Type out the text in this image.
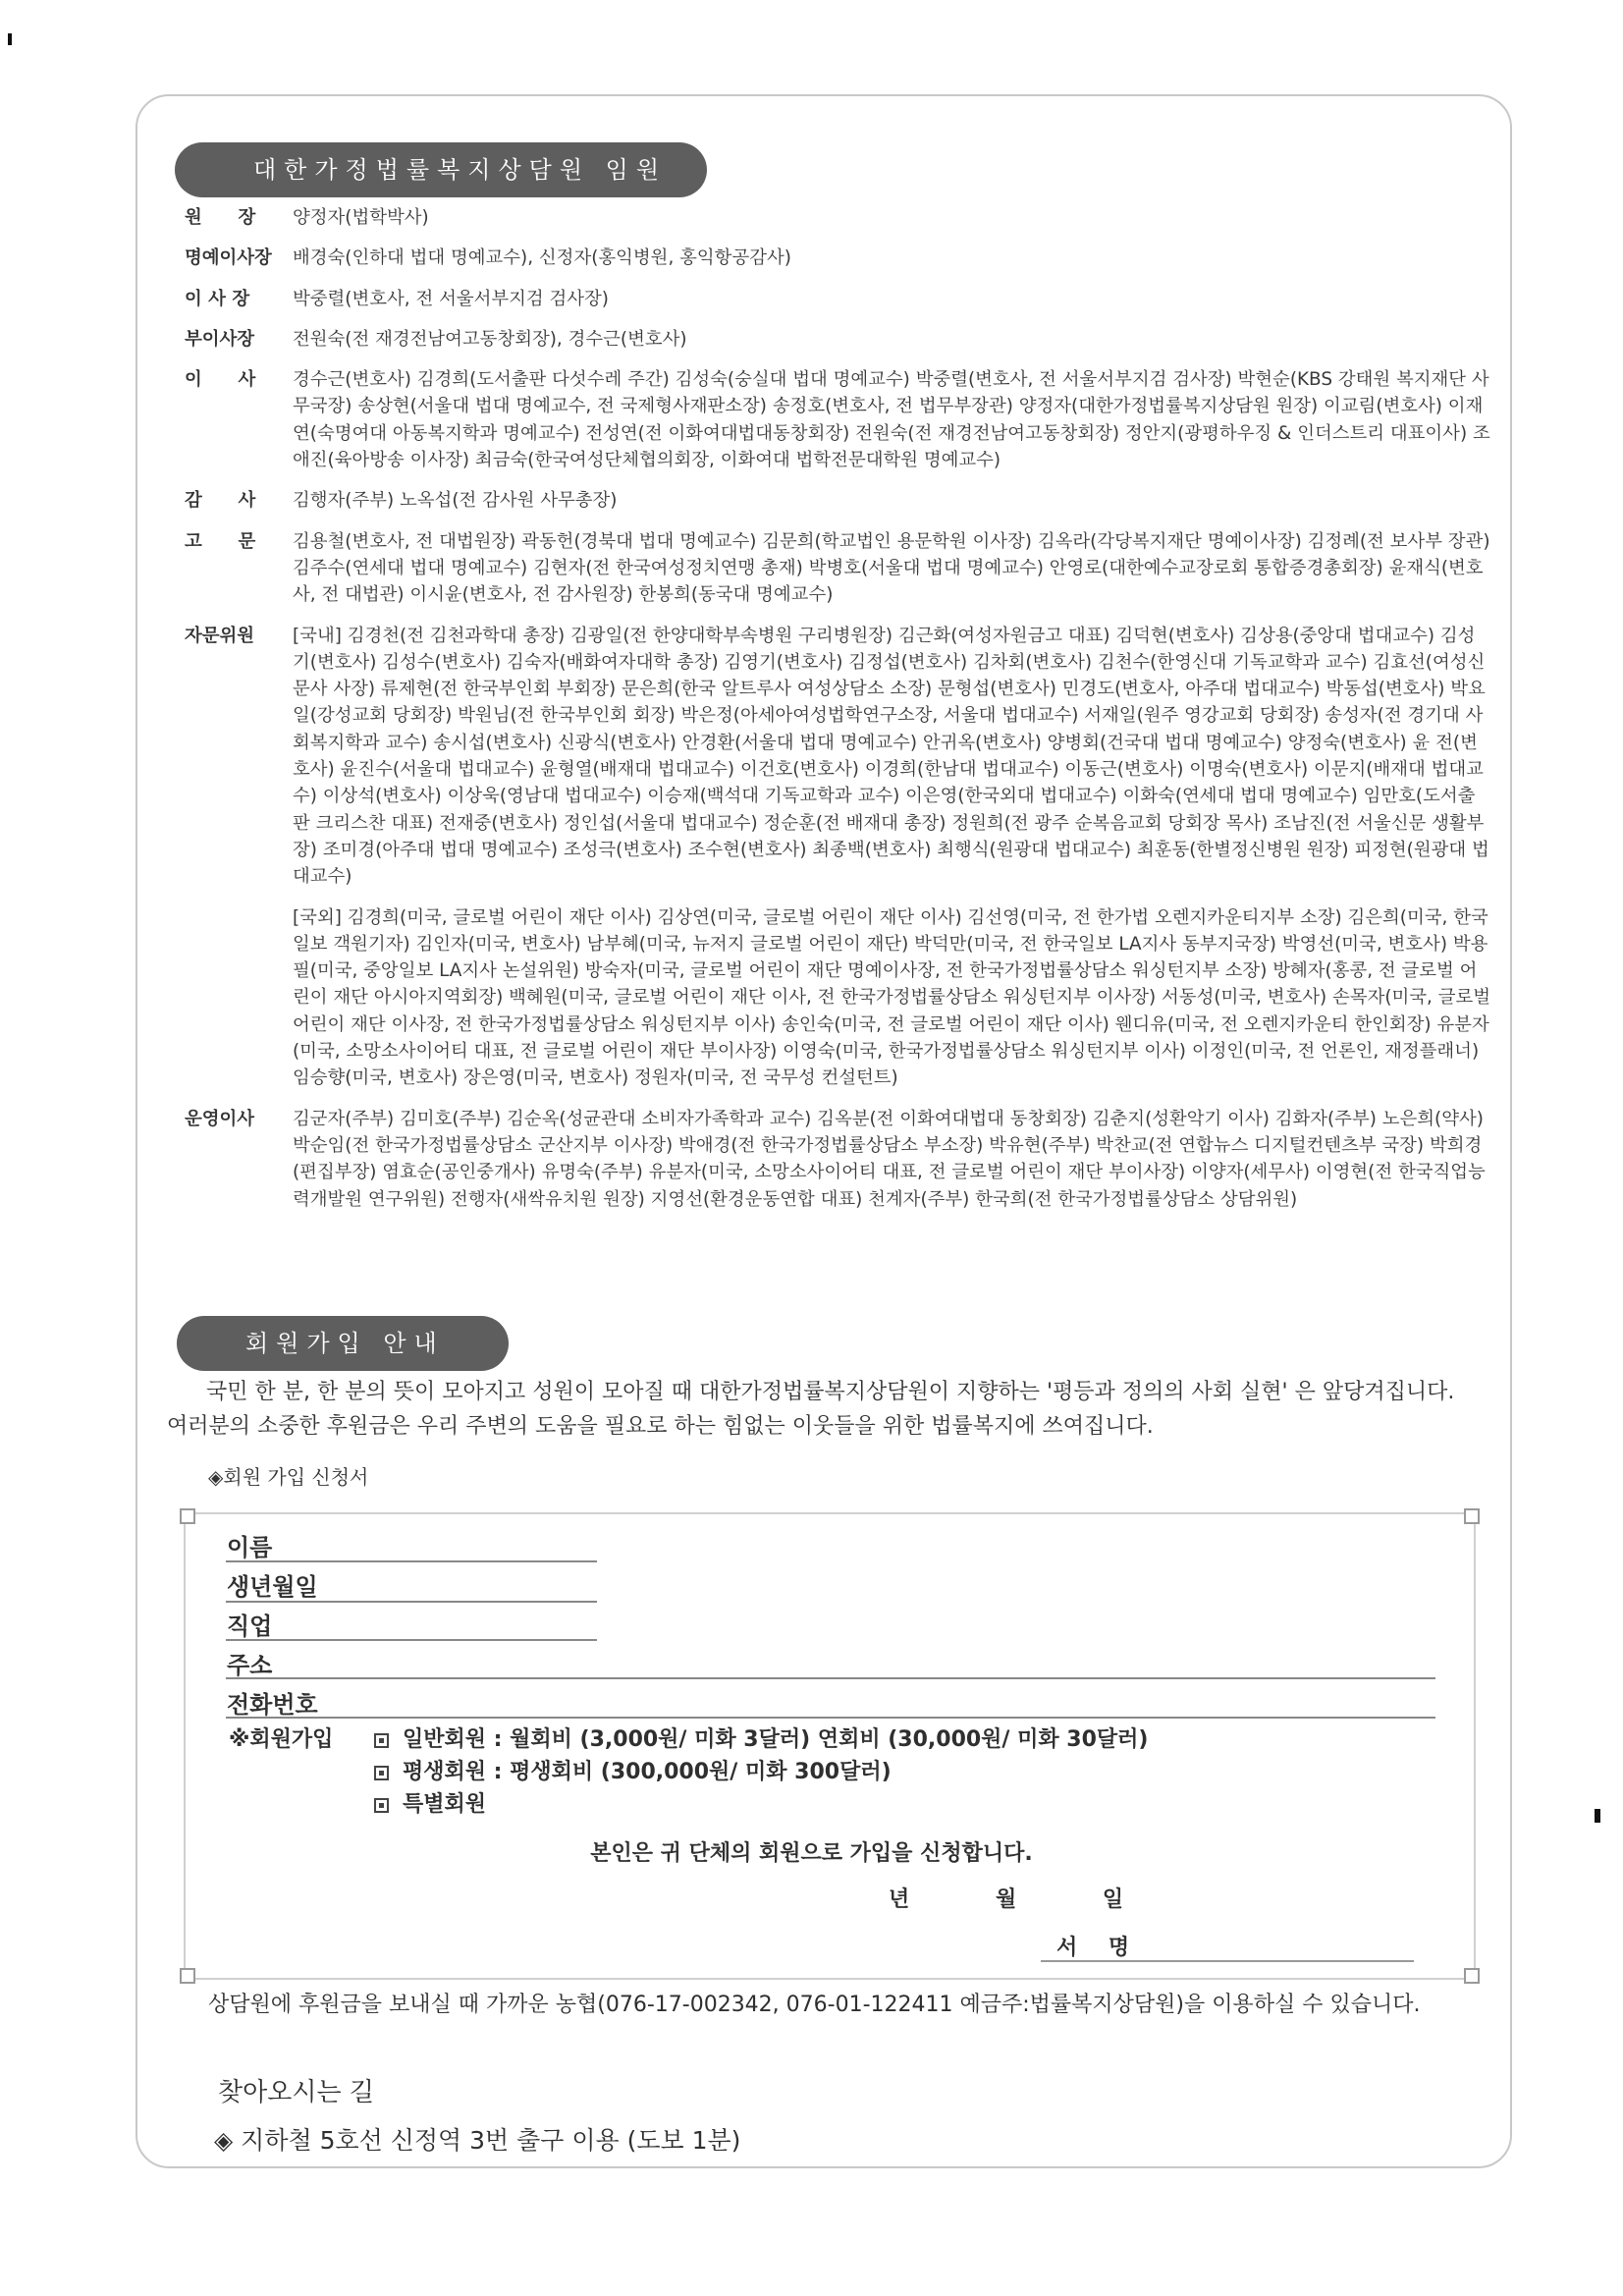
대한가정법률복지상담원 임원
원　　장	양정자(법학박사)
명예이사장	배경숙(인하대 법대 명예교수), 신정자(홍익병원, 홍익항공감사)
이 사 장	박중렬(변호사, 전 서울서부지검 검사장)
부이사장	전원숙(전 재경전남여고동창회장), 경수근(변호사)
이　　사	경수근(변호사) 김경희(도서출판 다섯수레 주간) 김성숙(숭실대 법대 명예교수) 박중렬(변호사, 전 서울서부지검 검사장) 박현순(KBS 강태원 복지재단 사무국장) 송상현(서울대 법대 명예교수, 전 국제형사재판소장) 송정호(변호사, 전 법무부장관) 양정자(대한가정법률복지상담원 원장) 이교림(변호사) 이재연(숙명여대 아동복지학과 명예교수) 전성연(전 이화여대법대동창회장) 전원숙(전 재경전남여고동창회장) 정안지(광평하우징 & 인더스트리 대표이사) 조애진(육아방송 이사장) 최금숙(한국여성단체협의회장, 이화여대 법학전문대학원 명예교수)
감　　사	김행자(주부) 노옥섭(전 감사원 사무총장)
고　　문	김용철(변호사, 전 대법원장) 곽동헌(경북대 법대 명예교수) 김문희(학교법인 용문학원 이사장) 김옥라(각당복지재단 명예이사장) 김정례(전 보사부 장관) 김주수(연세대 법대 명예교수) 김현자(전 한국여성정치연맹 총재) 박병호(서울대 법대 명예교수) 안영로(대한예수교장로회 통합증경총회장) 윤재식(변호사, 전 대법관) 이시윤(변호사, 전 감사원장) 한봉희(동국대 명예교수)
자문위원	[국내] 김경천(전 김천과학대 총장) 김광일(전 한양대학부속병원 구리병원장) 김근화(여성자원금고 대표) 김덕현(변호사) 김상용(중앙대 법대교수) 김성기(변호사) 김성수(변호사) 김숙자(배화여자대학 총장) 김영기(변호사) 김정섭(변호사) 김차회(변호사) 김천수(한영신대 기독교학과 교수) 김효선(여성신문사 사장) 류제현(전 한국부인회 부회장) 문은희(한국 알트루사 여성상담소 소장) 문형섭(변호사) 민경도(변호사, 아주대 법대교수) 박동섭(변호사) 박요일(강성교회 당회장) 박원님(전 한국부인회 회장) 박은정(아세아여성법학연구소장, 서울대 법대교수) 서재일(원주 영강교회 당회장) 송성자(전 경기대 사회복지학과 교수) 송시섭(변호사) 신광식(변호사) 안경환(서울대 법대 명예교수) 안귀옥(변호사) 양병회(건국대 법대 명예교수) 양정숙(변호사) 윤 전(변호사) 윤진수(서울대 법대교수) 윤형열(배재대 법대교수) 이건호(변호사) 이경희(한남대 법대교수) 이동근(변호사) 이명숙(변호사) 이문지(배재대 법대교수) 이상석(변호사) 이상욱(영남대 법대교수) 이승재(백석대 기독교학과 교수) 이은영(한국외대 법대교수) 이화숙(연세대 법대 명예교수) 임만호(도서출판 크리스찬 대표) 전재중(변호사) 정인섭(서울대 법대교수) 정순훈(전 배재대 총장) 정원희(전 광주 순복음교회 당회장 목사) 조남진(전 서울신문 생활부장) 조미경(아주대 법대 명예교수) 조성극(변호사) 조수현(변호사) 최종백(변호사) 최행식(원광대 법대교수) 최훈동(한별정신병원 원장) 피정현(원광대 법대교수)

[국외] 김경희(미국, 글로벌 어린이 재단 이사) 김상연(미국, 글로벌 어린이 재단 이사) 김선영(미국, 전 한가법 오렌지카운티지부 소장) 김은희(미국, 한국일보 객원기자) 김인자(미국, 변호사) 남부혜(미국, 뉴저지 글로벌 어린이 재단) 박덕만(미국, 전 한국일보 LA지사 동부지국장) 박영선(미국, 변호사) 박용필(미국, 중앙일보 LA지사 논설위원) 방숙자(미국, 글로벌 어린이 재단 명예이사장, 전 한국가정법률상담소 워싱턴지부 소장) 방혜자(홍콩, 전 글로벌 어린이 재단 아시아지역회장) 백혜원(미국, 글로벌 어린이 재단 이사, 전 한국가정법률상담소 워싱턴지부 이사장) 서동성(미국, 변호사) 손목자(미국, 글로벌 어린이 재단 이사장, 전 한국가정법률상담소 워싱턴지부 이사) 송인숙(미국, 전 글로벌 어린이 재단 이사) 웬디유(미국, 전 오렌지카운티 한인회장) 유분자(미국, 소망소사이어티 대표, 전 글로벌 어린이 재단 부이사장) 이영숙(미국, 한국가정법률상담소 워싱턴지부 이사) 이정인(미국, 전 언론인, 재정플래너) 임승향(미국, 변호사) 장은영(미국, 변호사) 정원자(미국, 전 국무성 컨설턴트)

운영이사	김군자(주부) 김미호(주부) 김순옥(성균관대 소비자가족학과 교수) 김옥분(전 이화여대법대 동창회장) 김춘지(성환악기 이사) 김화자(주부) 노은희(약사) 박순임(전 한국가정법률상담소 군산지부 이사장) 박애경(전 한국가정법률상담소 부소장) 박유현(주부) 박찬교(전 연합뉴스 디지털컨텐츠부 국장) 박희경(편집부장) 염효순(공인중개사) 유명숙(주부) 유분자(미국, 소망소사이어티 대표, 전 글로벌 어린이 재단 부이사장) 이양자(세무사) 이영현(전 한국직업능력개발원 연구위원) 전행자(새싹유치원 원장) 지영선(환경운동연합 대표) 천계자(주부) 한국희(전 한국가정법률상담소 상담위원)
회원가입 안내

국민 한 분, 한 분의 뜻이 모아지고 성원이 모아질 때 대한가정법률복지상담원이 지향하는 '평등과 정의의 사회 실현' 은 앞당겨집니다.

여러분의 소중한 후원금은 우리 주변의 도움을 필요로 하는 힘없는 이웃들을 위한 법률복지에 쓰여집니다.

◈회원 가입 신청서
이름
생년월일
직업
주소
전화번호
※회원가입	일반회원 : 월회비 (3,000원/ 미화 3달러) 연회비 (30,000원/ 미화 30달러)
평생회원 : 평생회비 (300,000원/ 미화 300달러)
특별회원
본인은 귀 단체의 회원으로 가입을 신청합니다.
년	월	일
서 명
상담원에 후원금을 보내실 때 가까운 농협(076-17-002342, 076-01-122411 예금주:법률복지상담원)을 이용하실 수 있습니다.
찾아오시는 길
◈ 지하철 5호선 신정역 3번 출구 이용 (도보 1분)
